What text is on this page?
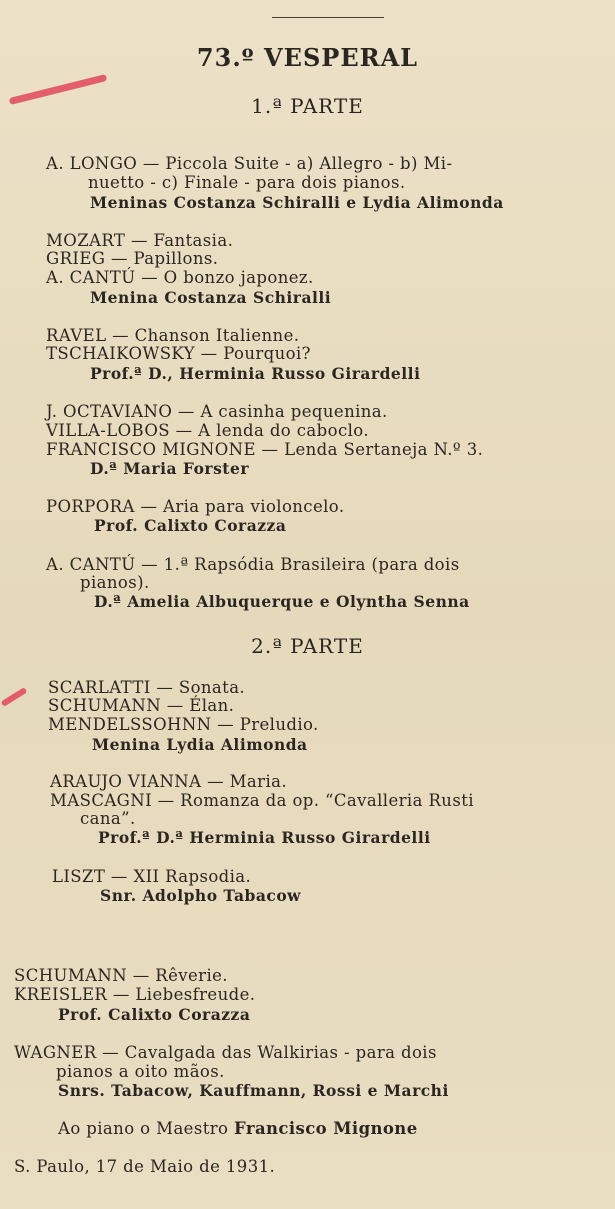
73.º VESPERAL
1.ª PARTE
A. LONGO — Piccola Suite - a) Allegro - b) Mi-
nuetto - c) Finale - para dois pianos.
Meninas Costanza Schiralli e Lydia Alimonda
MOZART — Fantasia.
GRIEG — Papillons.
A. CANTÚ — O bonzo japonez.
Menina Costanza Schiralli
RAVEL — Chanson Italienne.
TSCHAIKOWSKY — Pourquoi?
Prof.ª D., Herminia Russo Girardelli
J. OCTAVIANO — A casinha pequenina.
VILLA-LOBOS — A lenda do caboclo.
FRANCISCO MIGNONE — Lenda Sertaneja N.º 3.
D.ª Maria Forster
PORPORA — Aria para violoncelo.
Prof. Calixto Corazza
A. CANTÚ — 1.ª Rapsódia Brasileira (para dois
pianos).
D.ª Amelia Albuquerque e Olyntha Senna
2.ª PARTE
SCARLATTI — Sonata.
SCHUMANN — Élan.
MENDELSSOHNN — Preludio.
Menina Lydia Alimonda
ARAUJO VIANNA — Maria.
MASCAGNI — Romanza da op. “Cavalleria Rusti
cana”.
Prof.ª D.ª Herminia Russo Girardelli
LISZT — XII Rapsodia.
Snr. Adolpho Tabacow
SCHUMANN — Rêverie.
KREISLER — Liebesfreude.
Prof. Calixto Corazza
WAGNER — Cavalgada das Walkirias - para dois
pianos a oito mãos.
Snrs. Tabacow, Kauffmann, Rossi e Marchi
Ao piano o Maestro Francisco Mignone
S. Paulo, 17 de Maio de 1931.
